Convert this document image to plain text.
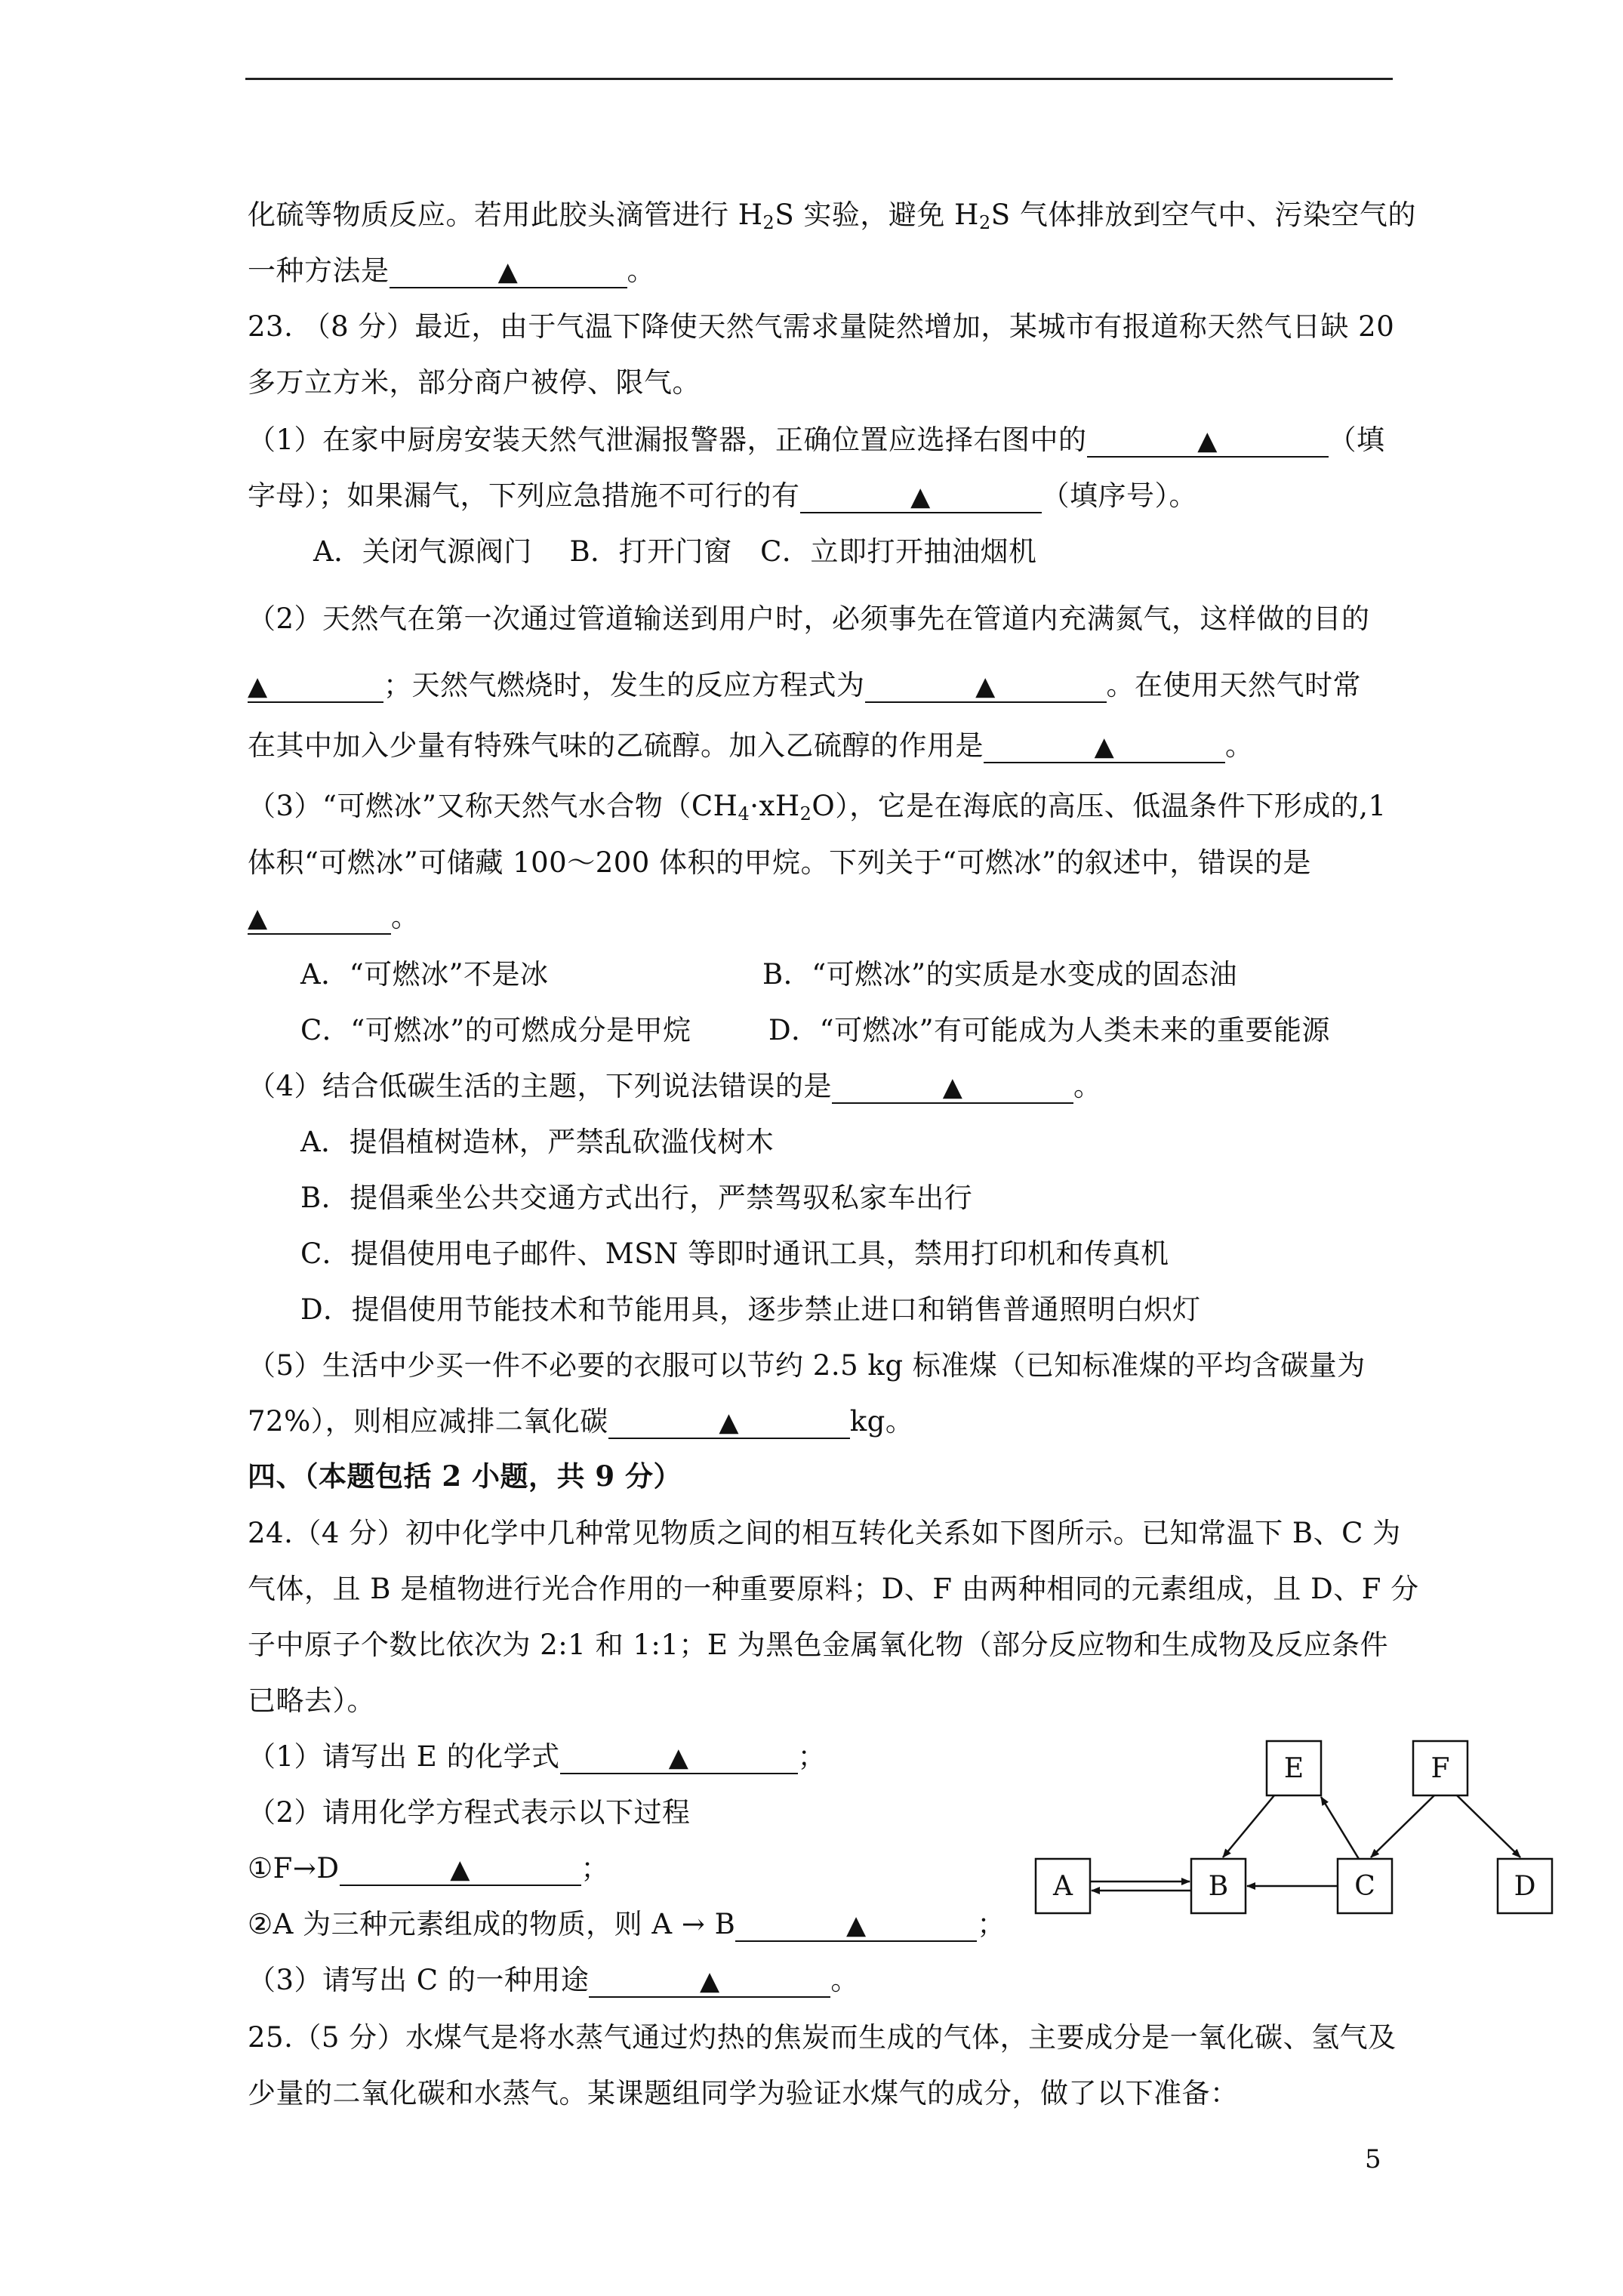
化硫等物质反应。若用此胶头滴管进行 $H_2S$ 实验，避免 $H_2S$ 气体排放到空气中、污染空气的

一种方法是	▲	。

23. （8 分）最近，由于气温下降使天然气需求量陡然增加，某城市有报道称天然气日缺 20

多万立方米，部分商户被停、限气。

（1）在家中厨房安装天然气泄漏报警器，正确位置应选择右图中的	▲	（填

字母）；如果漏气，下列应急措施不可行的有	▲	（填序号）。

A．关闭气源阀门　 B．打开门窗　C．立即打开抽油烟机

（2）天然气在第一次通过管道输送到用户时，必须事先在管道内充满氮气，这样做的目的

▲	；天然气燃烧时，发生的反应方程式为	▲	。在使用天然气时常

在其中加入少量有特殊气味的乙硫醇。加入乙硫醇的作用是	▲	。

（3）“可燃冰”又称天然气水合物$(CH_4\cdot xH_2O)$，它是在海底的高压、低温条件下形成的,1

体积“可燃冰”可储藏 100～200 体积的甲烷。下列关于“可燃冰”的叙述中，错误的是

▲	。

A．“可燃冰”不是冰	B．“可燃冰”的实质是水变成的固态油

C．“可燃冰”的可燃成分是甲烷	D．“可燃冰”有可能成为人类未来的重要能源

（4）结合低碳生活的主题，下列说法错误的是	▲	。

A．提倡植树造林，严禁乱砍滥伐树木

B．提倡乘坐公共交通方式出行，严禁驾驭私家车出行

C．提倡使用电子邮件、MSN 等即时通讯工具，禁用打印机和传真机

D．提倡使用节能技术和节能用具，逐步禁止进口和销售普通照明白炽灯

（5）生活中少买一件不必要的衣服可以节约 2.5 kg 标准煤（已知标准煤的平均含碳量为

72%），则相应减排二氧化碳	▲	kg。

四、（本题包括 2 小题，共 9 分）

24.（4 分）初中化学中几种常见物质之间的相互转化关系如下图所示。已知常温下 B、C 为

气体，且 B 是植物进行光合作用的一种重要原料；D、F 由两种相同的元素组成，且 D、F 分

子中原子个数比依次为 2:1 和 1:1；E 为黑色金属氧化物（部分反应物和生成物及反应条件

已略去）。

（1）请写出 E 的化学式	▲	；

（2）请用化学方程式表示以下过程

①F→D	▲	；

②A 为三种元素组成的物质，则 A → B	▲	；

（3）请写出 C 的一种用途	▲	。

25.（5 分）水煤气是将水蒸气通过灼热的焦炭而生成的气体，主要成分是一氧化碳、氢气及

少量的二氧化碳和水蒸气。某课题组同学为验证水煤气的成分，做了以下准备：

E	F
A	B	C	D
5
